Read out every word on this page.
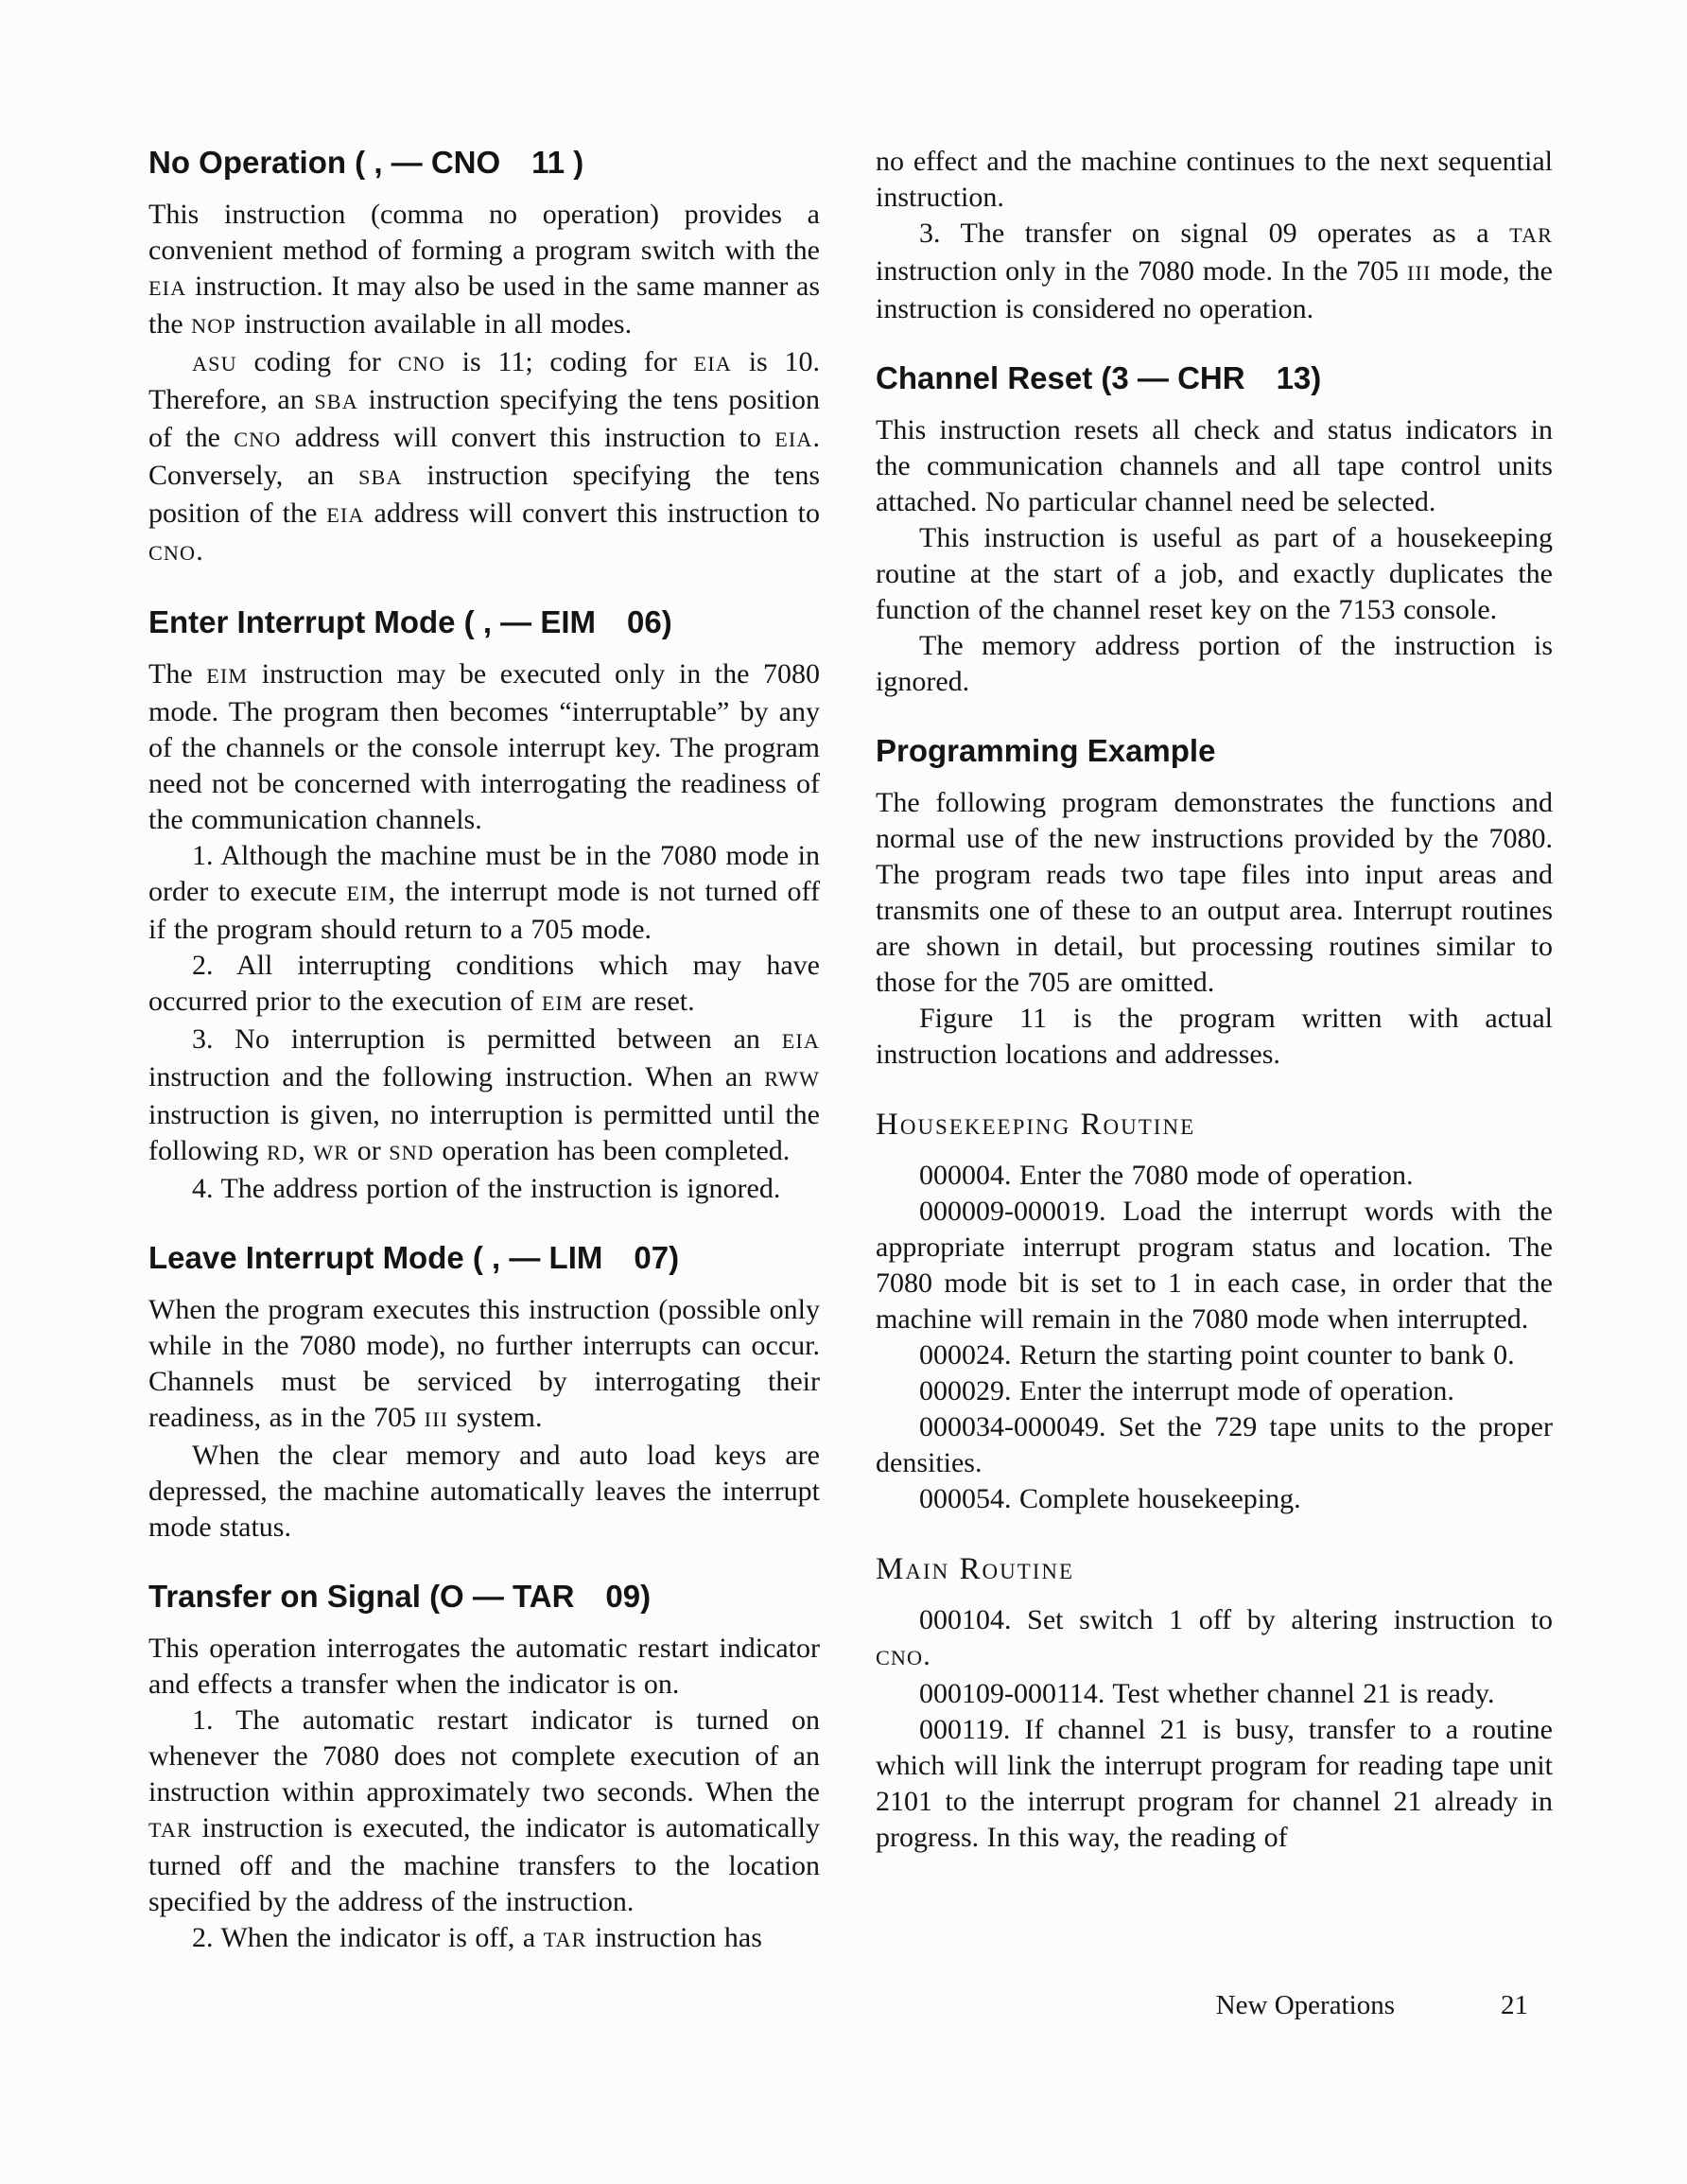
No Operation ( , — CNO  11 )

This instruction (comma no operation) provides a convenient method of forming a program switch with the EIA instruction. It may also be used in the same manner as the NOP instruction available in all modes.

ASU coding for CNO is 11; coding for EIA is 10. Therefore, an SBA instruction specifying the tens position of the CNO address will convert this instruction to EIA. Conversely, an SBA instruction specifying the tens position of the EIA address will convert this instruction to CNO.

Enter Interrupt Mode ( , — EIM  06)

The EIM instruction may be executed only in the 7080 mode. The program then becomes “interruptable” by any of the channels or the console interrupt key. The program need not be concerned with interrogating the readiness of the communication channels.

1. Although the machine must be in the 7080 mode in order to execute EIM, the interrupt mode is not turned off if the program should return to a 705 mode.

2. All interrupting conditions which may have occurred prior to the execution of EIM are reset.

3. No interruption is permitted between an EIA instruction and the following instruction. When an RWW instruction is given, no interruption is permitted until the following RD, WR or SND operation has been completed.

4. The address portion of the instruction is ignored.

Leave Interrupt Mode ( , — LIM  07)

When the program executes this instruction (possible only while in the 7080 mode), no further interrupts can occur. Channels must be serviced by interrogating their readiness, as in the 705 III system.

When the clear memory and auto load keys are depressed, the machine automatically leaves the interrupt mode status.

Transfer on Signal (O — TAR  09)

This operation interrogates the automatic restart indicator and effects a transfer when the indicator is on.

1. The automatic restart indicator is turned on whenever the 7080 does not complete execution of an instruction within approximately two seconds. When the TAR instruction is executed, the indicator is automatically turned off and the machine transfers to the location specified by the address of the instruction.

2. When the indicator is off, a TAR instruction has

no effect and the machine continues to the next sequential instruction.

3. The transfer on signal 09 operates as a TAR instruction only in the 7080 mode. In the 705 III mode, the instruction is considered no operation.

Channel Reset (3 — CHR  13)

This instruction resets all check and status indicators in the communication channels and all tape control units attached. No particular channel need be selected.

This instruction is useful as part of a housekeeping routine at the start of a job, and exactly duplicates the function of the channel reset key on the 7153 console.

The memory address portion of the instruction is ignored.

Programming Example

The following program demonstrates the functions and normal use of the new instructions provided by the 7080. The program reads two tape files into input areas and transmits one of these to an output area. Interrupt routines are shown in detail, but processing routines similar to those for the 705 are omitted.

Figure 11 is the program written with actual instruction locations and addresses.

Housekeeping Routine

000004. Enter the 7080 mode of operation.

000009-000019. Load the interrupt words with the appropriate interrupt program status and location. The 7080 mode bit is set to 1 in each case, in order that the machine will remain in the 7080 mode when interrupted.

000024. Return the starting point counter to bank 0.

000029. Enter the interrupt mode of operation.

000034-000049. Set the 729 tape units to the proper densities.

000054. Complete housekeeping.

Main Routine

000104. Set switch 1 off by altering instruction to CNO.

000109-000114. Test whether channel 21 is ready.

000119. If channel 21 is busy, transfer to a routine which will link the interrupt program for reading tape unit 2101 to the interrupt program for channel 21 already in progress. In this way, the reading of

New Operations	21
